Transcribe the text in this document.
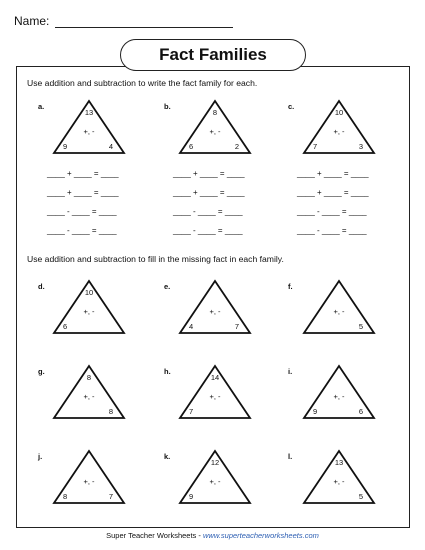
Name:
Fact Families
Use addition and subtraction to write the fact family for each.
Use addition and subtraction to fill in the missing fact in each family.
a.
13
+, -
9	4
____ + ____ = ____
____ + ____ = ____
____ - ____ = ____
____ - ____ = ____
b.
8
+, -
6	2
____ + ____ = ____
____ + ____ = ____
____ - ____ = ____
____ - ____ = ____
c.
10
+, -
7	3
____ + ____ = ____
____ + ____ = ____
____ - ____ = ____
____ - ____ = ____
d.
10
+, -
6
e.
+, -
4	7
f.
+, -
5
g.
8
+, -
8
h.
14
+, -
7
i.
+, -
9	6
j.
+, -
8	7
k.
12
+, -
9
l.
13
+, -
5
Super Teacher Worksheets - www.superteacherworksheets.com
